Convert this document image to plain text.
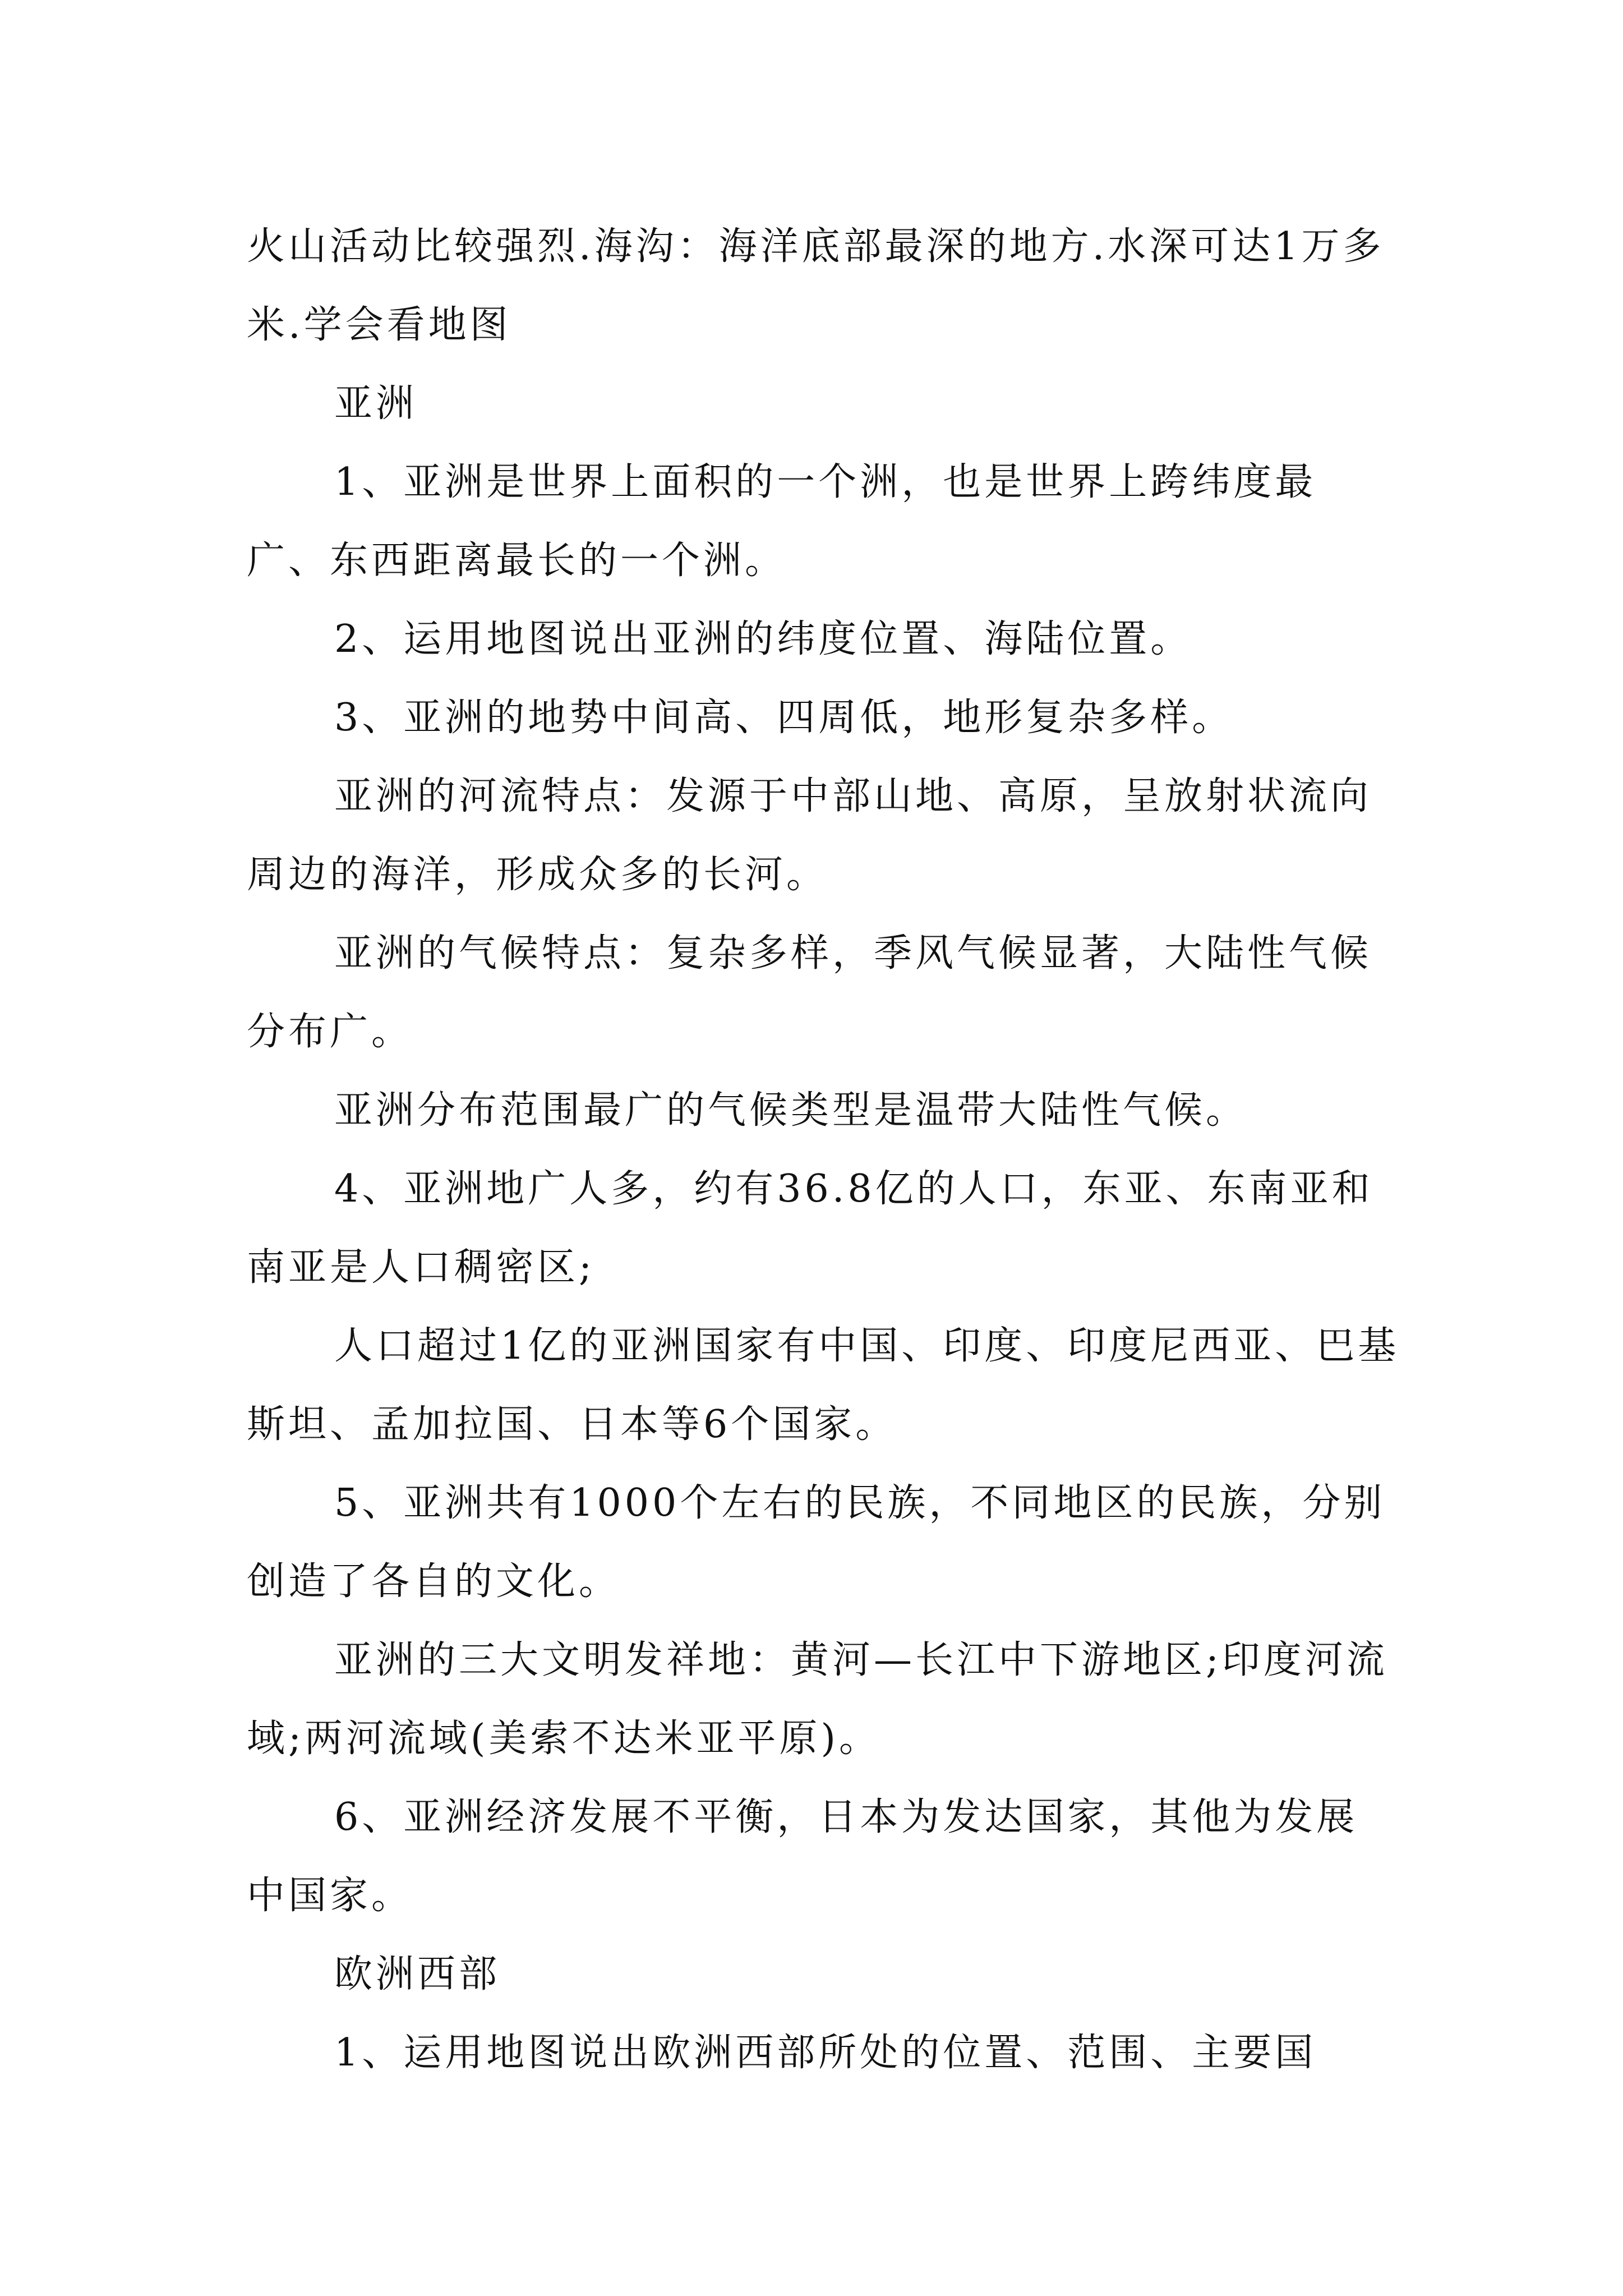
火山活动比较强烈.海沟：海洋底部最深的地方.水深可达1万多米.学会看地图

亚洲

1、亚洲是世界上面积的一个洲，也是世界上跨纬度最广、东西距离最长的一个洲。

2、运用地图说出亚洲的纬度位置、海陆位置。

3、亚洲的地势中间高、四周低，地形复杂多样。

亚洲的河流特点：发源于中部山地、高原，呈放射状流向周边的海洋，形成众多的长河。

亚洲的气候特点：复杂多样，季风气候显著，大陆性气候分布广。

亚洲分布范围最广的气候类型是温带大陆性气候。

4、亚洲地广人多，约有36.8亿的人口，东亚、东南亚和南亚是人口稠密区;

人口超过1亿的亚洲国家有中国、印度、印度尼西亚、巴基斯坦、孟加拉国、日本等6个国家。

5、亚洲共有1000个左右的民族，不同地区的民族，分别创造了各自的文化。

亚洲的三大文明发祥地：黄河—长江中下游地区;印度河流域;两河流域(美索不达米亚平原)。

6、亚洲经济发展不平衡，日本为发达国家，其他为发展中国家。

欧洲西部

1、运用地图说出欧洲西部所处的位置、范围、主要国
